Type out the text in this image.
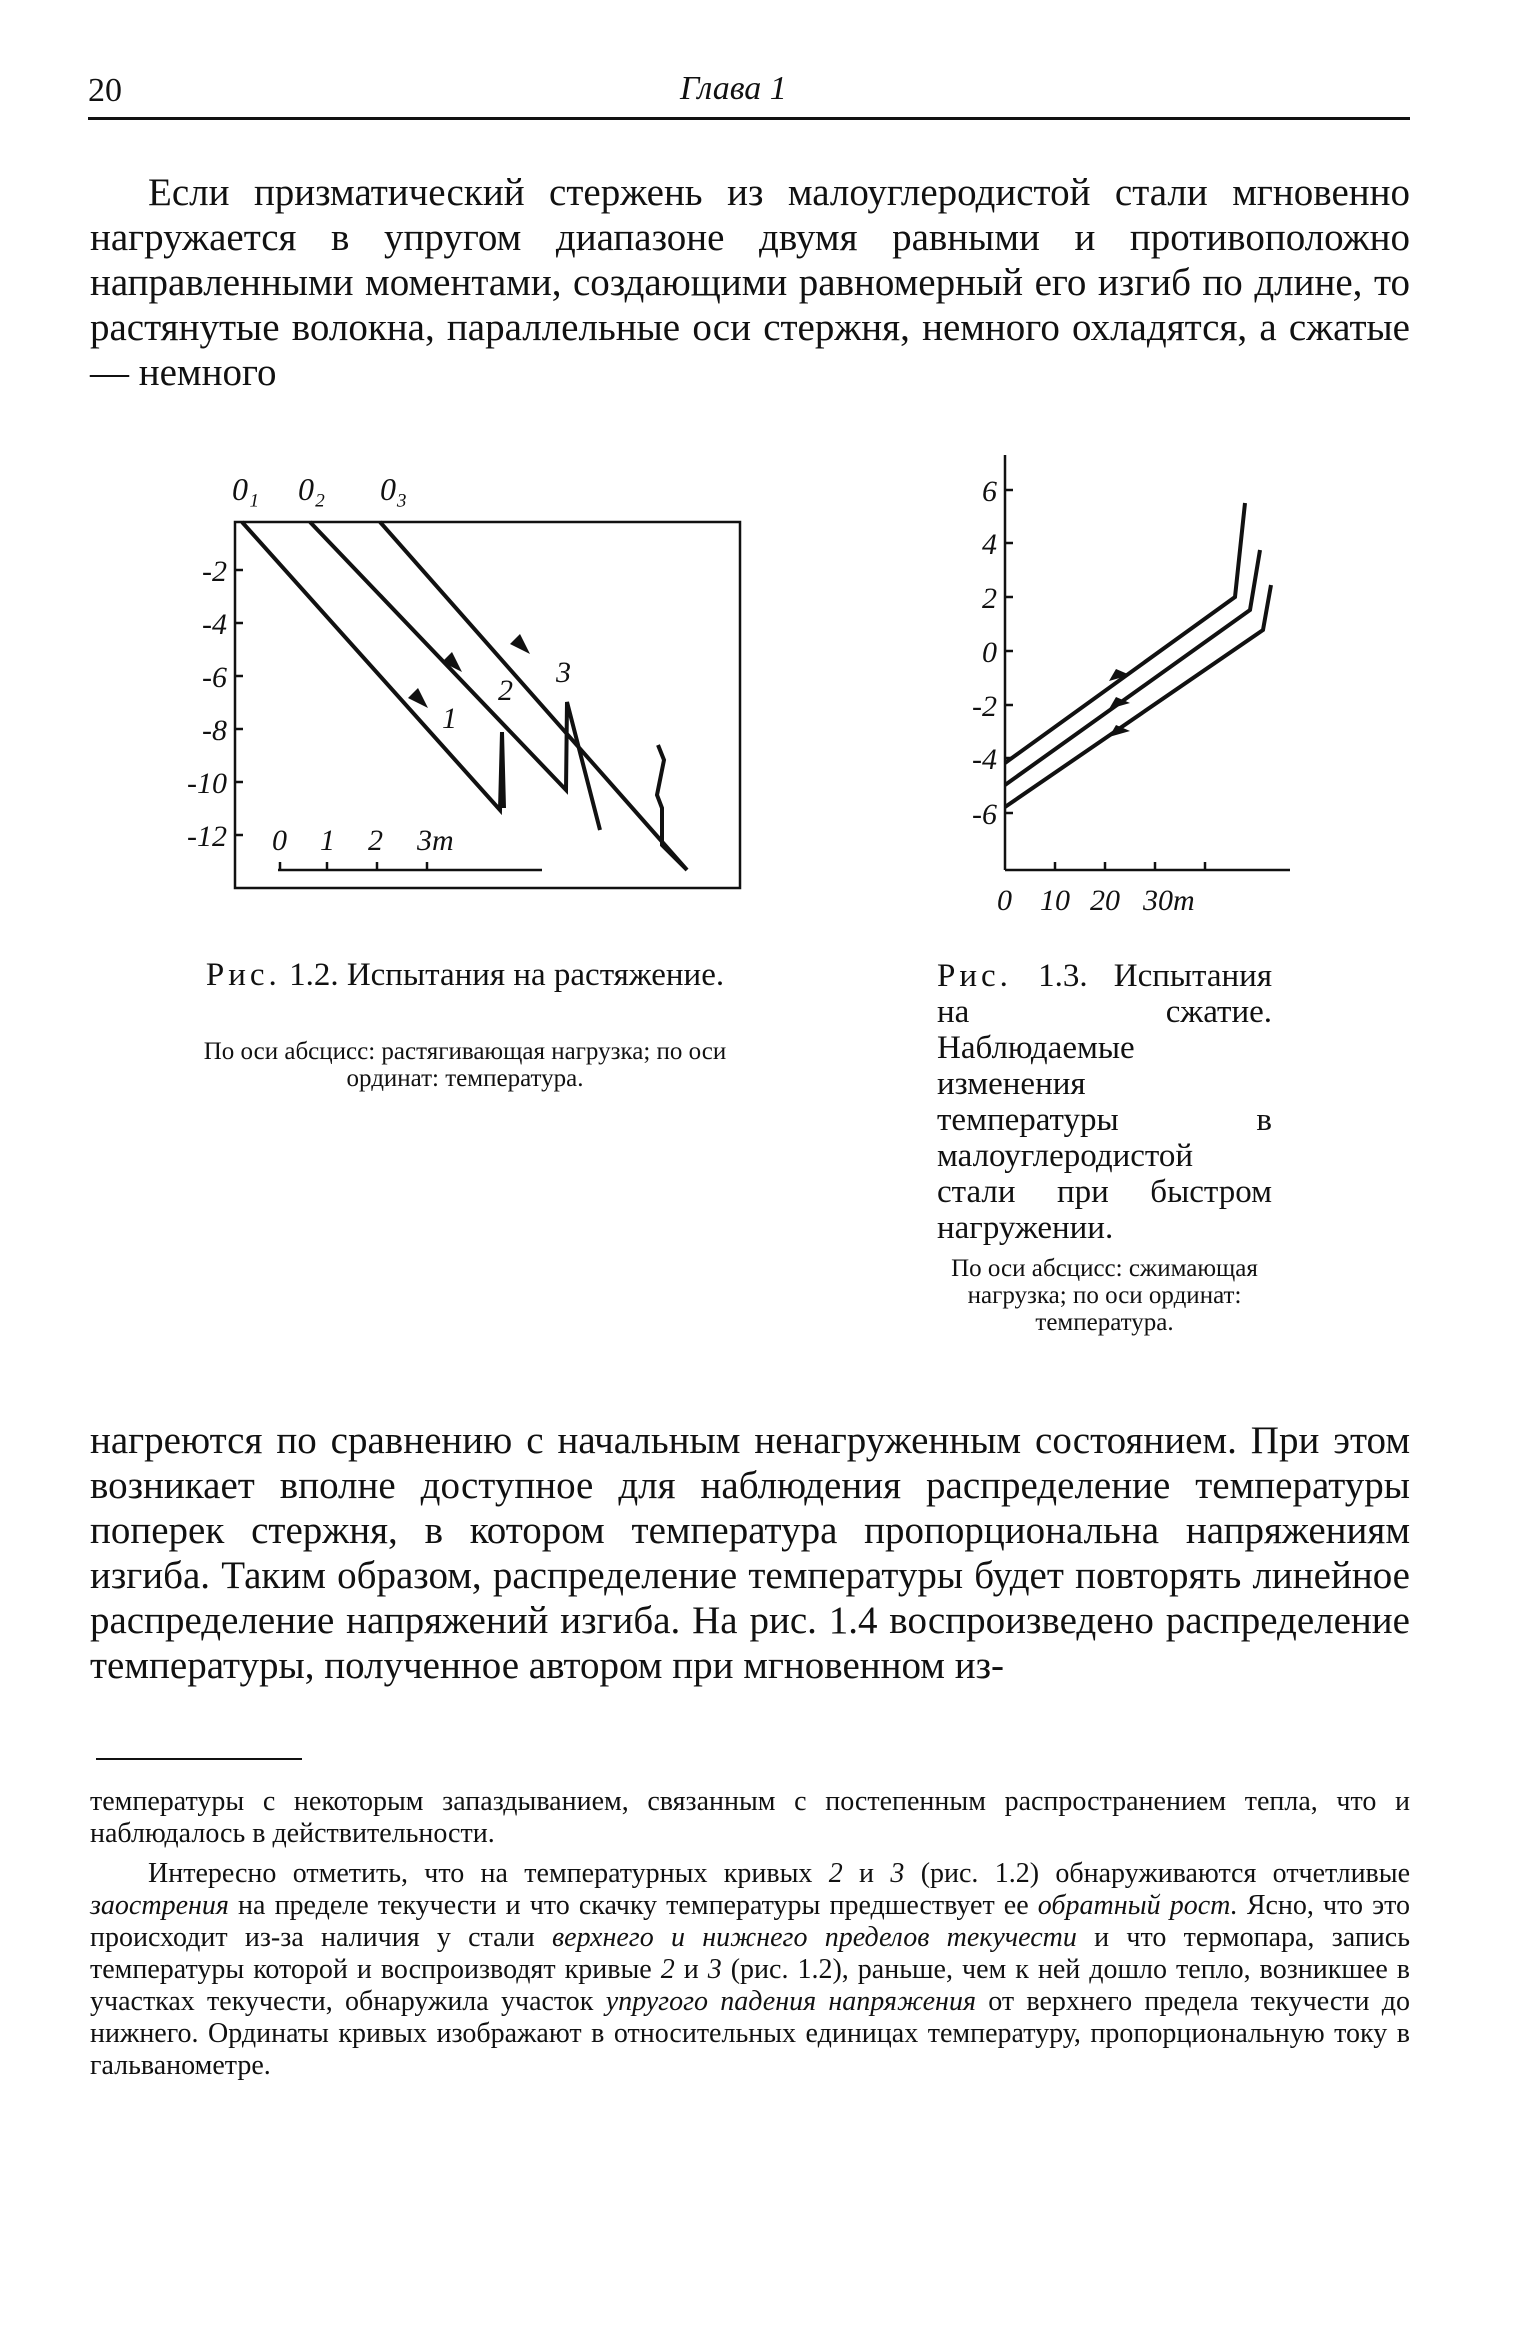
20	Глава 1
Если призматический стержень из малоуглеродистой стали мгновенно нагружается в упругом диапазоне двумя равными и противоположно направленными моментами, создающими равномерный его изгиб по длине, то растянутые волокна, параллельные оси стержня, немного охладятся, а сжатые — немного
-2
-4
-6
-8
-10
-12
0₁ 0₂ 0₃
1
2
3
0 1 2 3т
Рис. 1.2. Испытания на растяжение.
По оси абсцисс: растягивающая нагрузка; по оси ординат: температура.
6
4
2
0
-2
-4
-6
0 10 20 30т
Рис. 1.3. Испытания на сжатие. Наблюдаемые изменения температуры в малоуглеродистой стали при быстром нагружении.
По оси абсцисс: сжимающая нагрузка; по оси ординат: температура.
нагреются по сравнению с начальным ненагруженным состоянием. При этом возникает вполне доступное для наблюдения распределение температуры поперек стержня, в котором температура пропорциональна напряжениям изгиба. Таким образом, распределение температуры будет повторять линейное распределение напряжений изгиба. На рис. 1.4 воспроизведено распределение температуры, полученное автором при мгновенном из-
температуры с некоторым запаздыванием, связанным с постепенным распространением тепла, что и наблюдалось в действительности.
Интересно отметить, что на температурных кривых 2 и 3 (рис. 1.2) обнаруживаются отчетливые заострения на пределе текучести и что скачку температуры предшествует ее обратный рост. Ясно, что это происходит из-за наличия у стали верхнего и нижнего пределов текучести и что термопара, запись температуры которой и воспроизводят кривые 2 и 3 (рис. 1.2), раньше, чем к ней дошло тепло, возникшее в участках текучести, обнаружила участок упругого падения напряжения от верхнего предела текучести до нижнего. Ординаты кривых изображают в относительных единицах температуру, пропорциональную току в гальванометре.
